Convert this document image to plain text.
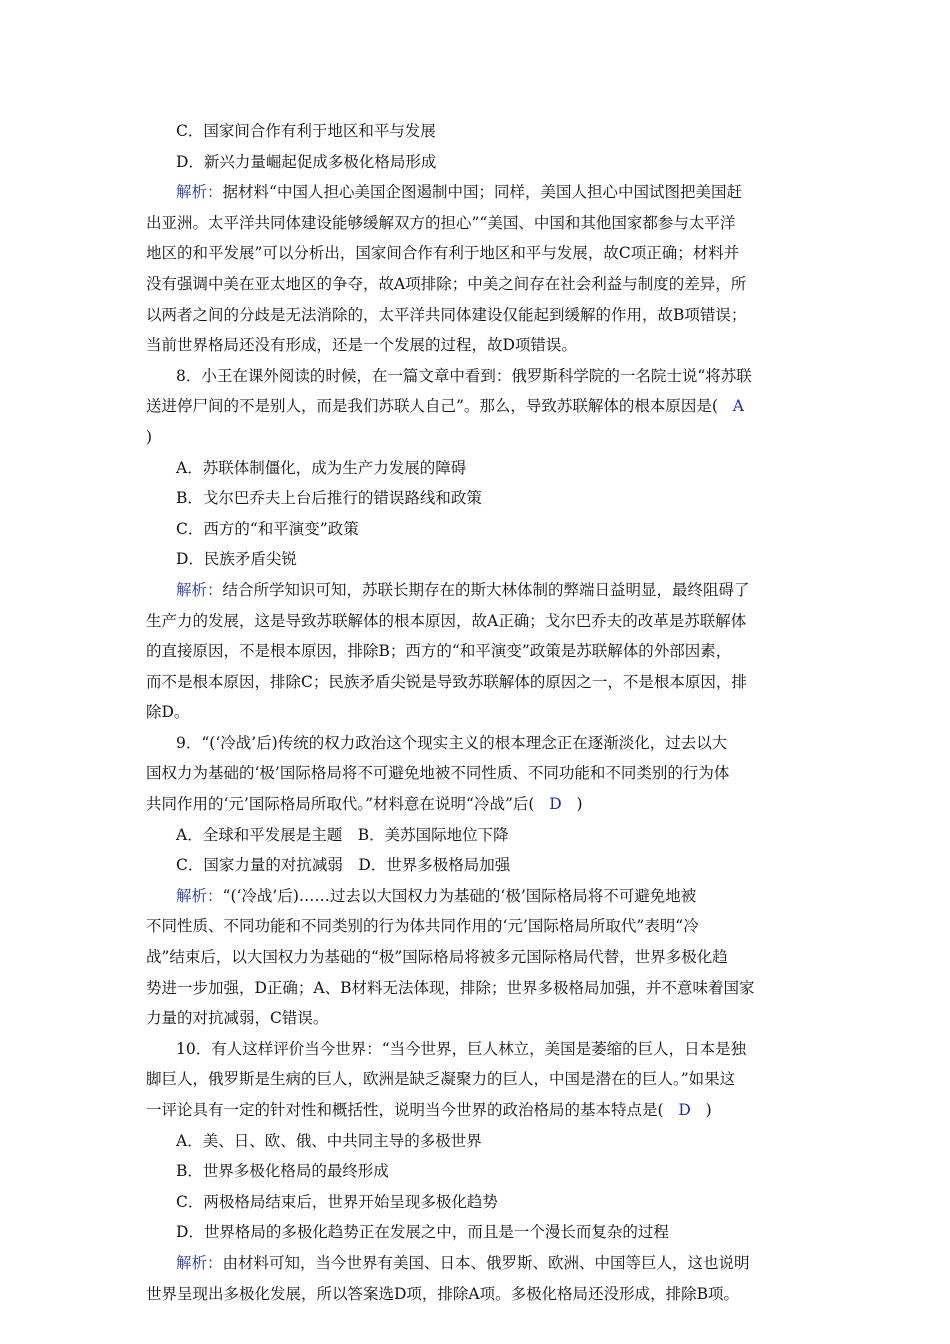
C．国家间合作有利于地区和平与发展
D．新兴力量崛起促成多极化格局形成
解析：据材料“中国人担心美国企图遏制中国；同样，美国人担心中国试图把美国赶
出亚洲。太平洋共同体建设能够缓解双方的担心”“美国、中国和其他国家都参与太平洋
地区的和平发展”可以分析出，国家间合作有利于地区和平与发展，故C项正确；材料并
没有强调中美在亚太地区的争夺，故A项排除；中美之间存在社会利益与制度的差异，所
以两者之间的分歧是无法消除的，太平洋共同体建设仅能起到缓解的作用，故B项错误；
当前世界格局还没有形成，还是一个发展的过程，故D项错误。
8．小王在课外阅读的时候，在一篇文章中看到：俄罗斯科学院的一名院士说“将苏联
送进停尸间的不是别人，而是我们苏联人自己”。那么，导致苏联解体的根本原因是( A
)
A．苏联体制僵化，成为生产力发展的障碍
B．戈尔巴乔夫上台后推行的错误路线和政策
C．西方的“和平演变”政策
D．民族矛盾尖锐
解析：结合所学知识可知，苏联长期存在的斯大林体制的弊端日益明显，最终阻碍了
生产力的发展，这是导致苏联解体的根本原因，故A正确；戈尔巴乔夫的改革是苏联解体
的直接原因，不是根本原因，排除B；西方的“和平演变”政策是苏联解体的外部因素，
而不是根本原因，排除C；民族矛盾尖锐是导致苏联解体的原因之一，不是根本原因，排
除D。
9．“(‘冷战’后)传统的权力政治这个现实主义的根本理念正在逐渐淡化，过去以大
国权力为基础的‘极’国际格局将不可避免地被不同性质、不同功能和不同类别的行为体
共同作用的‘元’国际格局所取代。”材料意在说明“冷战”后( D )
A．全球和平发展是主题　B．美苏国际地位下降
C．国家力量的对抗减弱　D．世界多极格局加强
解析：“(‘冷战’后)……过去以大国权力为基础的‘极’国际格局将不可避免地被
不同性质、不同功能和不同类别的行为体共同作用的‘元’国际格局所取代”表明“冷
战”结束后，以大国权力为基础的“极”国际格局将被多元国际格局代替，世界多极化趋
势进一步加强，D正确；A、B材料无法体现，排除；世界多极格局加强，并不意味着国家
力量的对抗减弱，C错误。
10．有人这样评价当今世界：“当今世界，巨人林立，美国是萎缩的巨人，日本是独
脚巨人，俄罗斯是生病的巨人，欧洲是缺乏凝聚力的巨人，中国是潜在的巨人。”如果这
一评论具有一定的针对性和概括性，说明当今世界的政治格局的基本特点是( D )
A．美、日、欧、俄、中共同主导的多极世界
B．世界多极化格局的最终形成
C．两极格局结束后，世界开始呈现多极化趋势
D．世界格局的多极化趋势正在发展之中，而且是一个漫长而复杂的过程
解析：由材料可知，当今世界有美国、日本、俄罗斯、欧洲、中国等巨人，这也说明
世界呈现出多极化发展，所以答案选D项，排除A项。多极化格局还没形成，排除B项。
